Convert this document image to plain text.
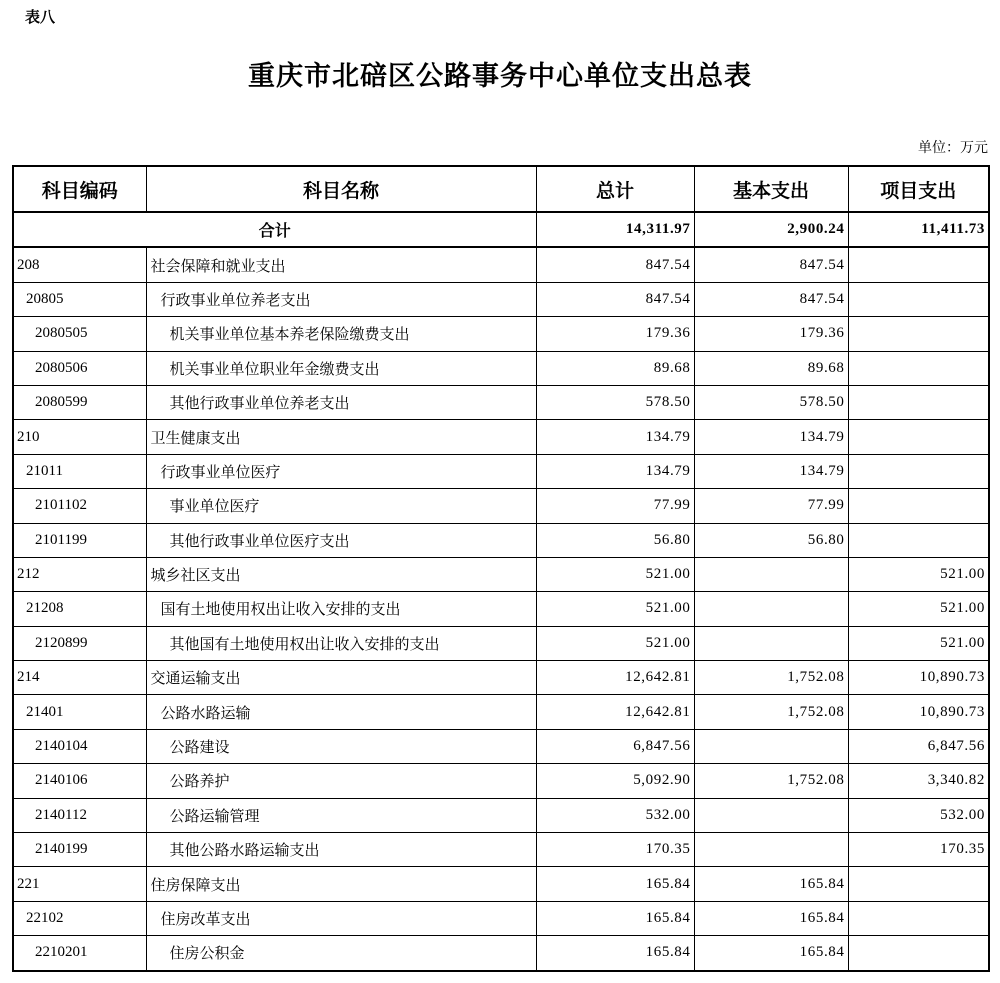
表八
重庆市北碚区公路事务中心单位支出总表
单位：万元
科目编码	科目名称	总计	基本支出	项目支出
合计		14,311.97	2,900.24	11,411.73
208	社会保障和就业支出	847.54	847.54	
20805	行政事业单位养老支出	847.54	847.54	
2080505	机关事业单位基本养老保险缴费支出	179.36	179.36	
2080506	机关事业单位职业年金缴费支出	89.68	89.68	
2080599	其他行政事业单位养老支出	578.50	578.50	
210	卫生健康支出	134.79	134.79	
21011	行政事业单位医疗	134.79	134.79	
2101102	事业单位医疗	77.99	77.99	
2101199	其他行政事业单位医疗支出	56.80	56.80	
212	城乡社区支出	521.00		521.00
21208	国有土地使用权出让收入安排的支出	521.00		521.00
2120899	其他国有土地使用权出让收入安排的支出	521.00		521.00
214	交通运输支出	12,642.81	1,752.08	10,890.73
21401	公路水路运输	12,642.81	1,752.08	10,890.73
2140104	公路建设	6,847.56		6,847.56
2140106	公路养护	5,092.90	1,752.08	3,340.82
2140112	公路运输管理	532.00		532.00
2140199	其他公路水路运输支出	170.35		170.35
221	住房保障支出	165.84	165.84	
22102	住房改革支出	165.84	165.84	
2210201	住房公积金	165.84	165.84	
